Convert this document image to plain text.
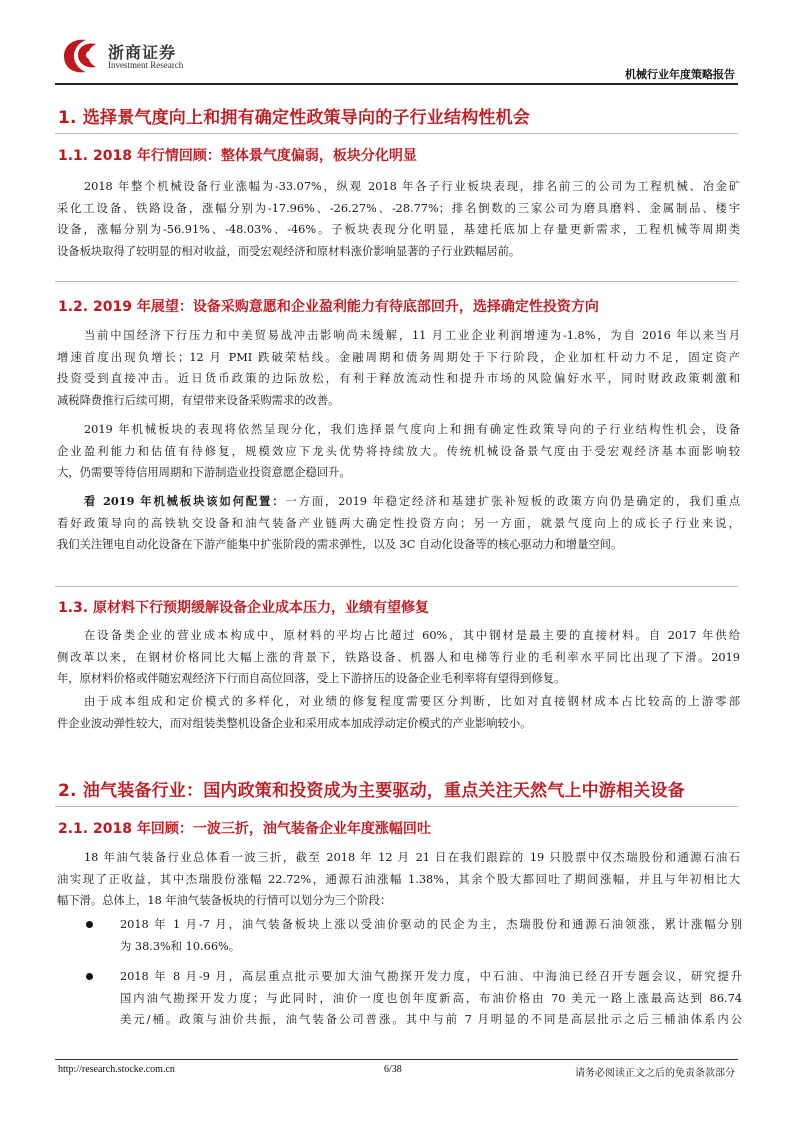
浙商证券
Investment Research
机械行业年度策略报告
1. 选择景气度向上和拥有确定性政策导向的子行业结构性机会
1.1. 2018 年行情回顾：整体景气度偏弱，板块分化明显
2018 年整个机械设备行业涨幅为-33.07%，纵观 2018 年各子行业板块表现，排名前三的公司为工程机械、冶金矿
采化工设备、铁路设备，涨幅分别为-17.96%、-26.27%、-28.77%；排名倒数的三家公司为磨具磨料、金属制品、楼宇
设备，涨幅分别为-56.91%、-48.03%、-46%。子板块表现分化明显，基建托底加上存量更新需求，工程机械等周期类
设备板块取得了较明显的相对收益，而受宏观经济和原材料涨价影响显著的子行业跌幅居前。
1.2. 2019 年展望：设备采购意愿和企业盈利能力有待底部回升，选择确定性投资方向
当前中国经济下行压力和中美贸易战冲击影响尚未缓解，11 月工业企业利润增速为-1.8%，为自 2016 年以来当月
增速首度出现负增长；12 月 PMI 跌破荣枯线。金融周期和债务周期处于下行阶段，企业加杠杆动力不足，固定资产
投资受到直接冲击。近日货币政策的边际放松，有利于释放流动性和提升市场的风险偏好水平，同时财政政策刺激和
减税降费推行后续可期，有望带来设备采购需求的改善。
2019 年机械板块的表现将依然呈现分化，我们选择景气度向上和拥有确定性政策导向的子行业结构性机会，设备
企业盈利能力和估值有待修复，规模效应下龙头优势将持续放大。传统机械设备景气度由于受宏观经济基本面影响较
大，仍需要等待信用周期和下游制造业投资意愿企稳回升。
看 2019 年机械板块该如何配置：一方面，2019 年稳定经济和基建扩张补短板的政策方向仍是确定的，我们重点
看好政策导向的高铁轨交设备和油气装备产业链两大确定性投资方向；另一方面，就景气度向上的成长子行业来说，
我们关注锂电自动化设备在下游产能集中扩张阶段的需求弹性，以及 3C 自动化设备等的核心驱动力和增量空间。
1.3. 原材料下行预期缓解设备企业成本压力，业绩有望修复
在设备类企业的营业成本构成中，原材料的平均占比超过 60%，其中钢材是最主要的直接材料。自 2017 年供给
侧改革以来，在钢材价格同比大幅上涨的背景下，铁路设备、机器人和电梯等行业的毛利率水平同比出现了下滑。2019
年，原材料价格或伴随宏观经济下行而自高位回落，受上下游挤压的设备企业毛利率将有望得到修复。
由于成本组成和定价模式的多样化，对业绩的修复程度需要区分判断，比如对直接钢材成本占比较高的上游零部
件企业波动弹性较大，而对组装类整机设备企业和采用成本加成浮动定价模式的产业影响较小。
2. 油气装备行业：国内政策和投资成为主要驱动，重点关注天然气上中游相关设备
2.1. 2018 年回顾：一波三折，油气装备企业年度涨幅回吐
18 年油气装备行业总体看一波三折，截至 2018 年 12 月 21 日在我们跟踪的 19 只股票中仅杰瑞股份和通源石油石
油实现了正收益，其中杰瑞股份涨幅 22.72%，通源石油涨幅 1.38%，其余个股大都回吐了期间涨幅，并且与年初相比大
幅下滑。总体上，18 年油气装备板块的行情可以划分为三个阶段：
2018 年 1 月-7 月，油气装备板块上涨以受油价驱动的民企为主，杰瑞股份和通源石油领涨，累计涨幅分别
为 38.3%和 10.66%。
2018 年 8 月-9 月，高层重点批示要加大油气勘探开发力度，中石油、中海油已经召开专题会议，研究提升
国内油气勘探开发力度；与此同时，油价一度也创年度新高，布油价格由 70 美元一路上涨最高达到 86.74
美元/桶。政策与油价共振，油气装备公司普涨。其中与前 7 月明显的不同是高层批示之后三桶油体系内公
http://research.stocke.com.cn	6/38	请务必阅读正文之后的免责条款部分
